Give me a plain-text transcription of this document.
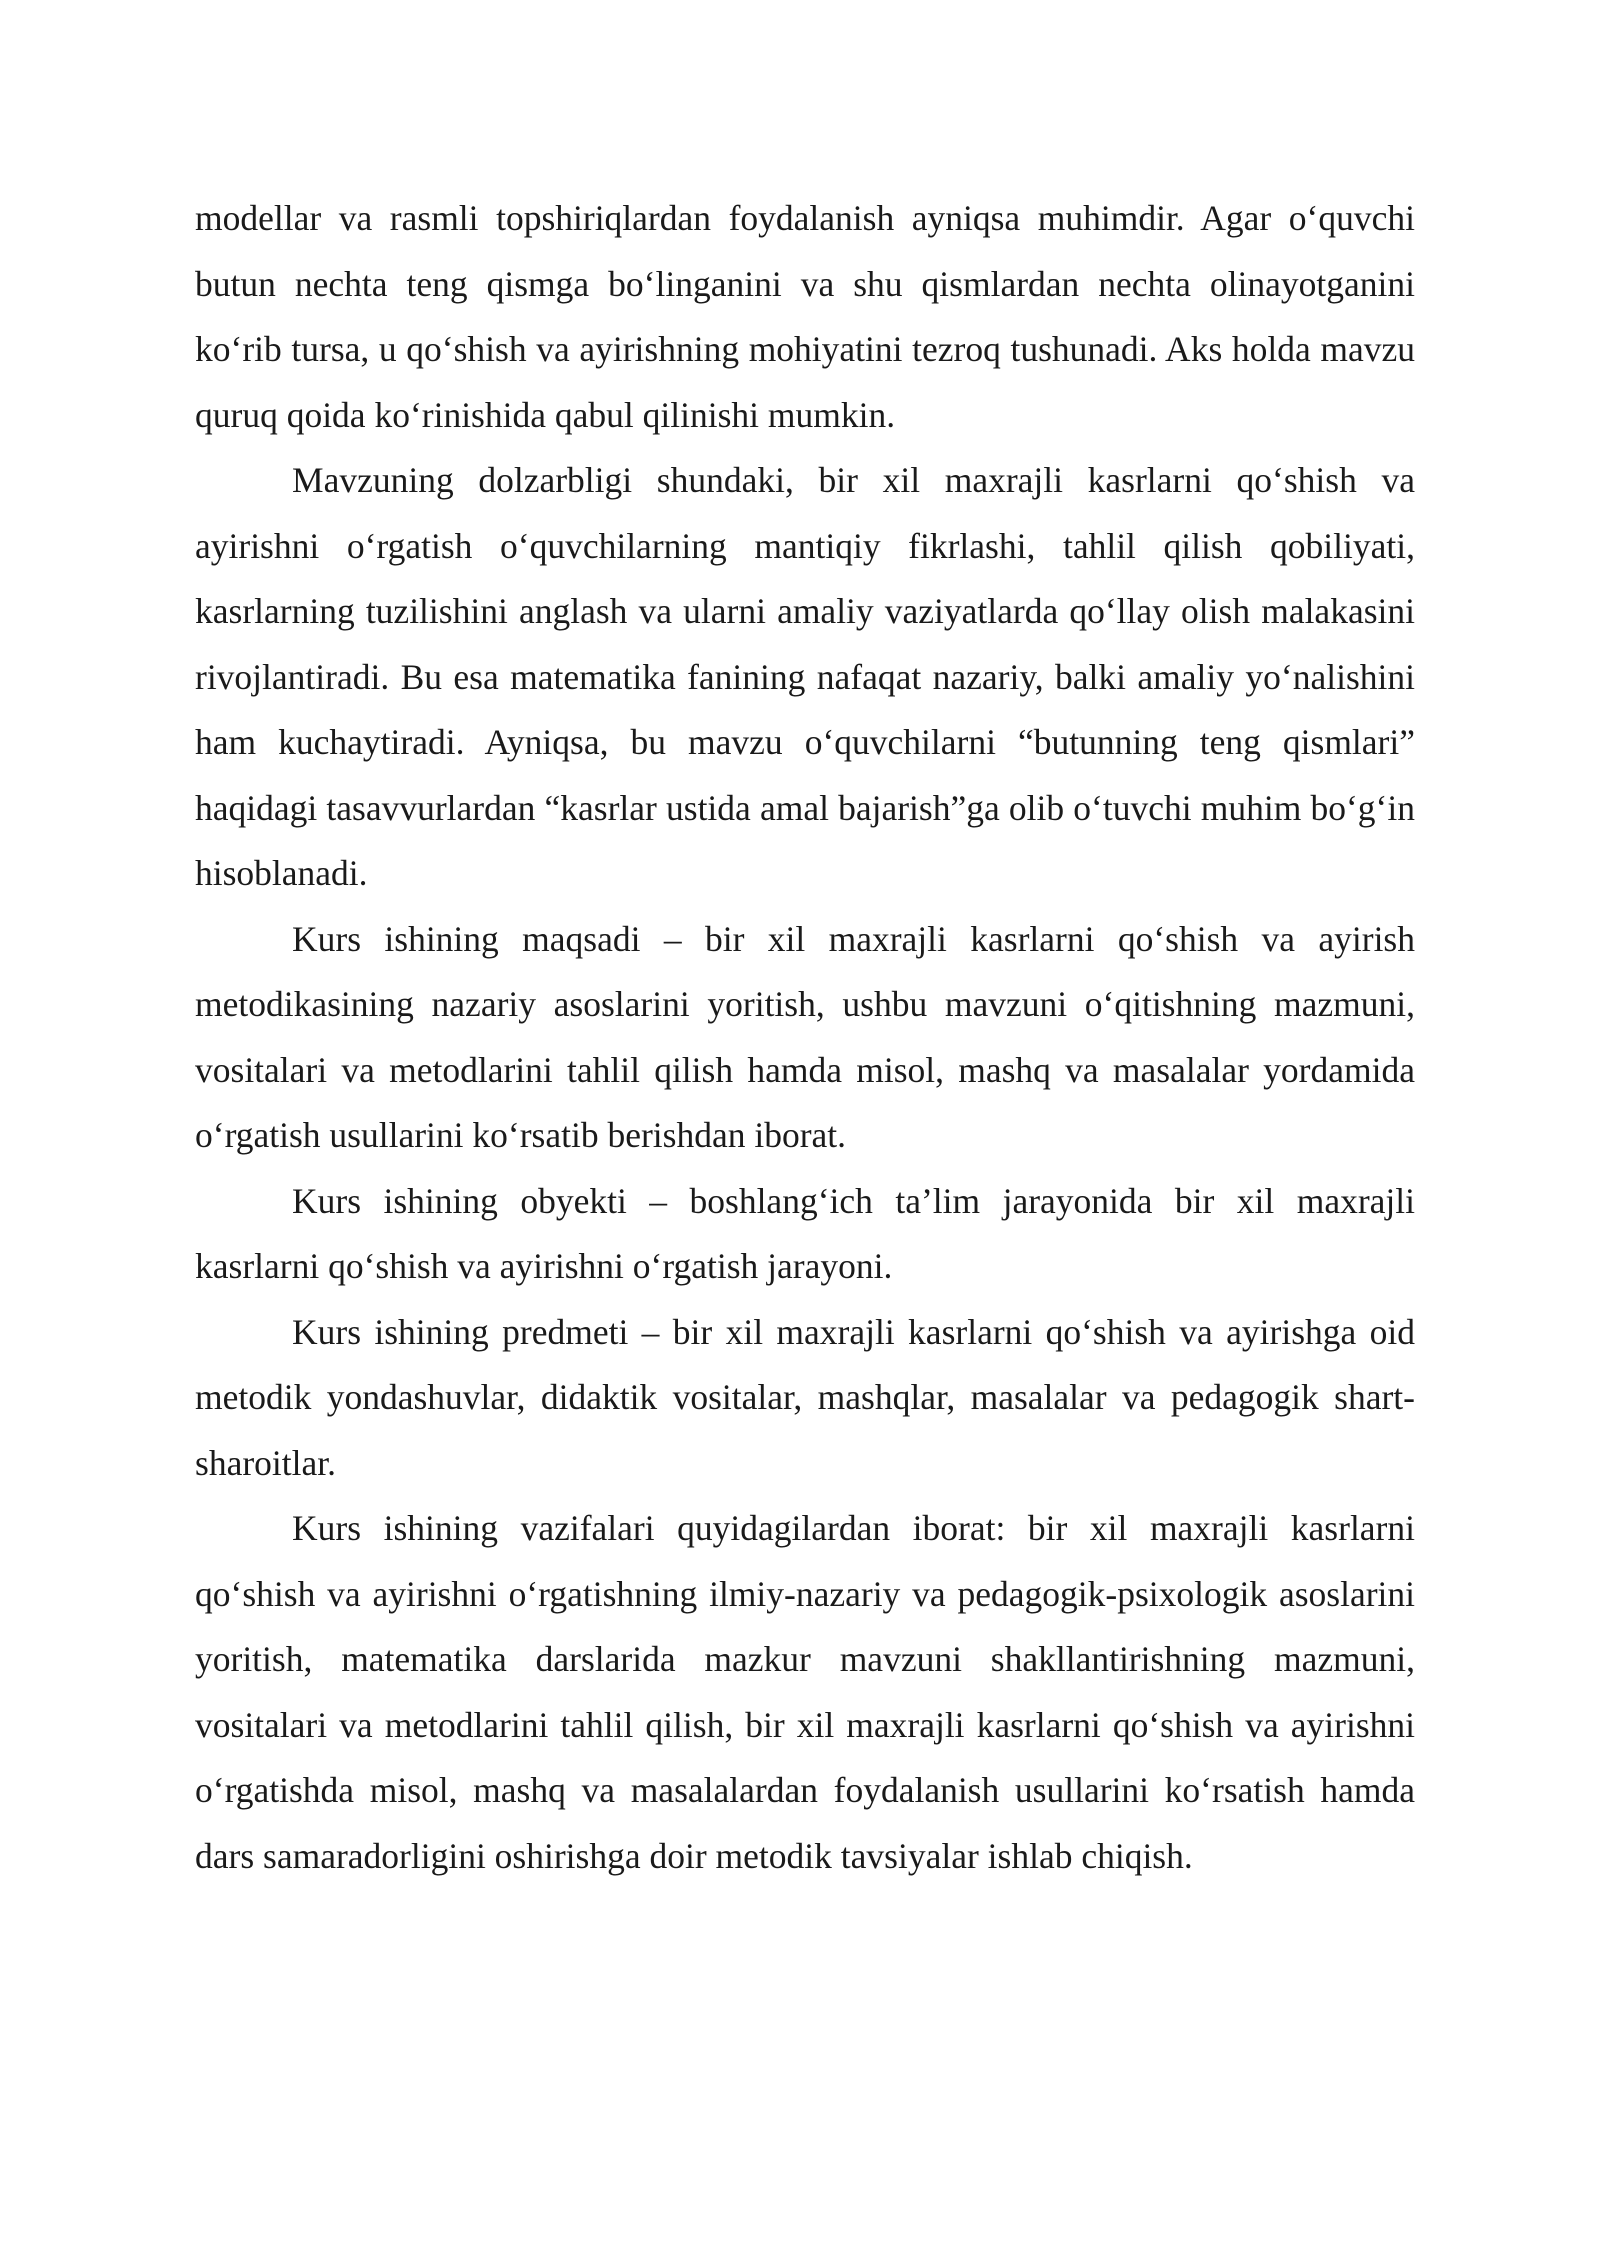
modellar va rasmli topshiriqlardan foydalanish ayniqsa muhimdir. Agar o‘quvchi butun nechta teng qismga bo‘linganini va shu qismlardan nechta olinayotganini ko‘rib tursa, u qo‘shish va ayirishning mohiyatini tezroq tushunadi. Aks holda mavzu quruq qoida ko‘rinishida qabul qilinishi mumkin.

Mavzuning dolzarbligi shundaki, bir xil maxrajli kasrlarni qo‘shish va ayirishni o‘rgatish o‘quvchilarning mantiqiy fikrlashi, tahlil qilish qobiliyati, kasrlarning tuzilishini anglash va ularni amaliy vaziyatlarda qo‘llay olish malakasini rivojlantiradi. Bu esa matematika fanining nafaqat nazariy, balki amaliy yo‘nalishini ham kuchaytiradi. Ayniqsa, bu mavzu o‘quvchilarni “butunning teng qismlari” haqidagi tasavvurlardan “kasrlar ustida amal bajarish”ga olib o‘tuvchi muhim bo‘g‘in hisoblanadi.

Kurs ishining maqsadi – bir xil maxrajli kasrlarni qo‘shish va ayirish metodikasining nazariy asoslarini yoritish, ushbu mavzuni o‘qitishning mazmuni, vositalari va metodlarini tahlil qilish hamda misol, mashq va masalalar yordamida o‘rgatish usullarini ko‘rsatib berishdan iborat.

Kurs ishining obyekti – boshlang‘ich ta’lim jarayonida bir xil maxrajli kasrlarni qo‘shish va ayirishni o‘rgatish jarayoni.

Kurs ishining predmeti – bir xil maxrajli kasrlarni qo‘shish va ayirishga oid metodik yondashuvlar, didaktik vositalar, mashqlar, masalalar va pedagogik shart-sharoitlar.

Kurs ishining vazifalari quyidagilardan iborat: bir xil maxrajli kasrlarni qo‘shish va ayirishni o‘rgatishning ilmiy-nazariy va pedagogik-psixologik asoslarini yoritish, matematika darslarida mazkur mavzuni shakllantirishning mazmuni, vositalari va metodlarini tahlil qilish, bir xil maxrajli kasrlarni qo‘shish va ayirishni o‘rgatishda misol, mashq va masalalardan foydalanish usullarini ko‘rsatish hamda dars samaradorligini oshirishga doir metodik tavsiyalar ishlab chiqish.
